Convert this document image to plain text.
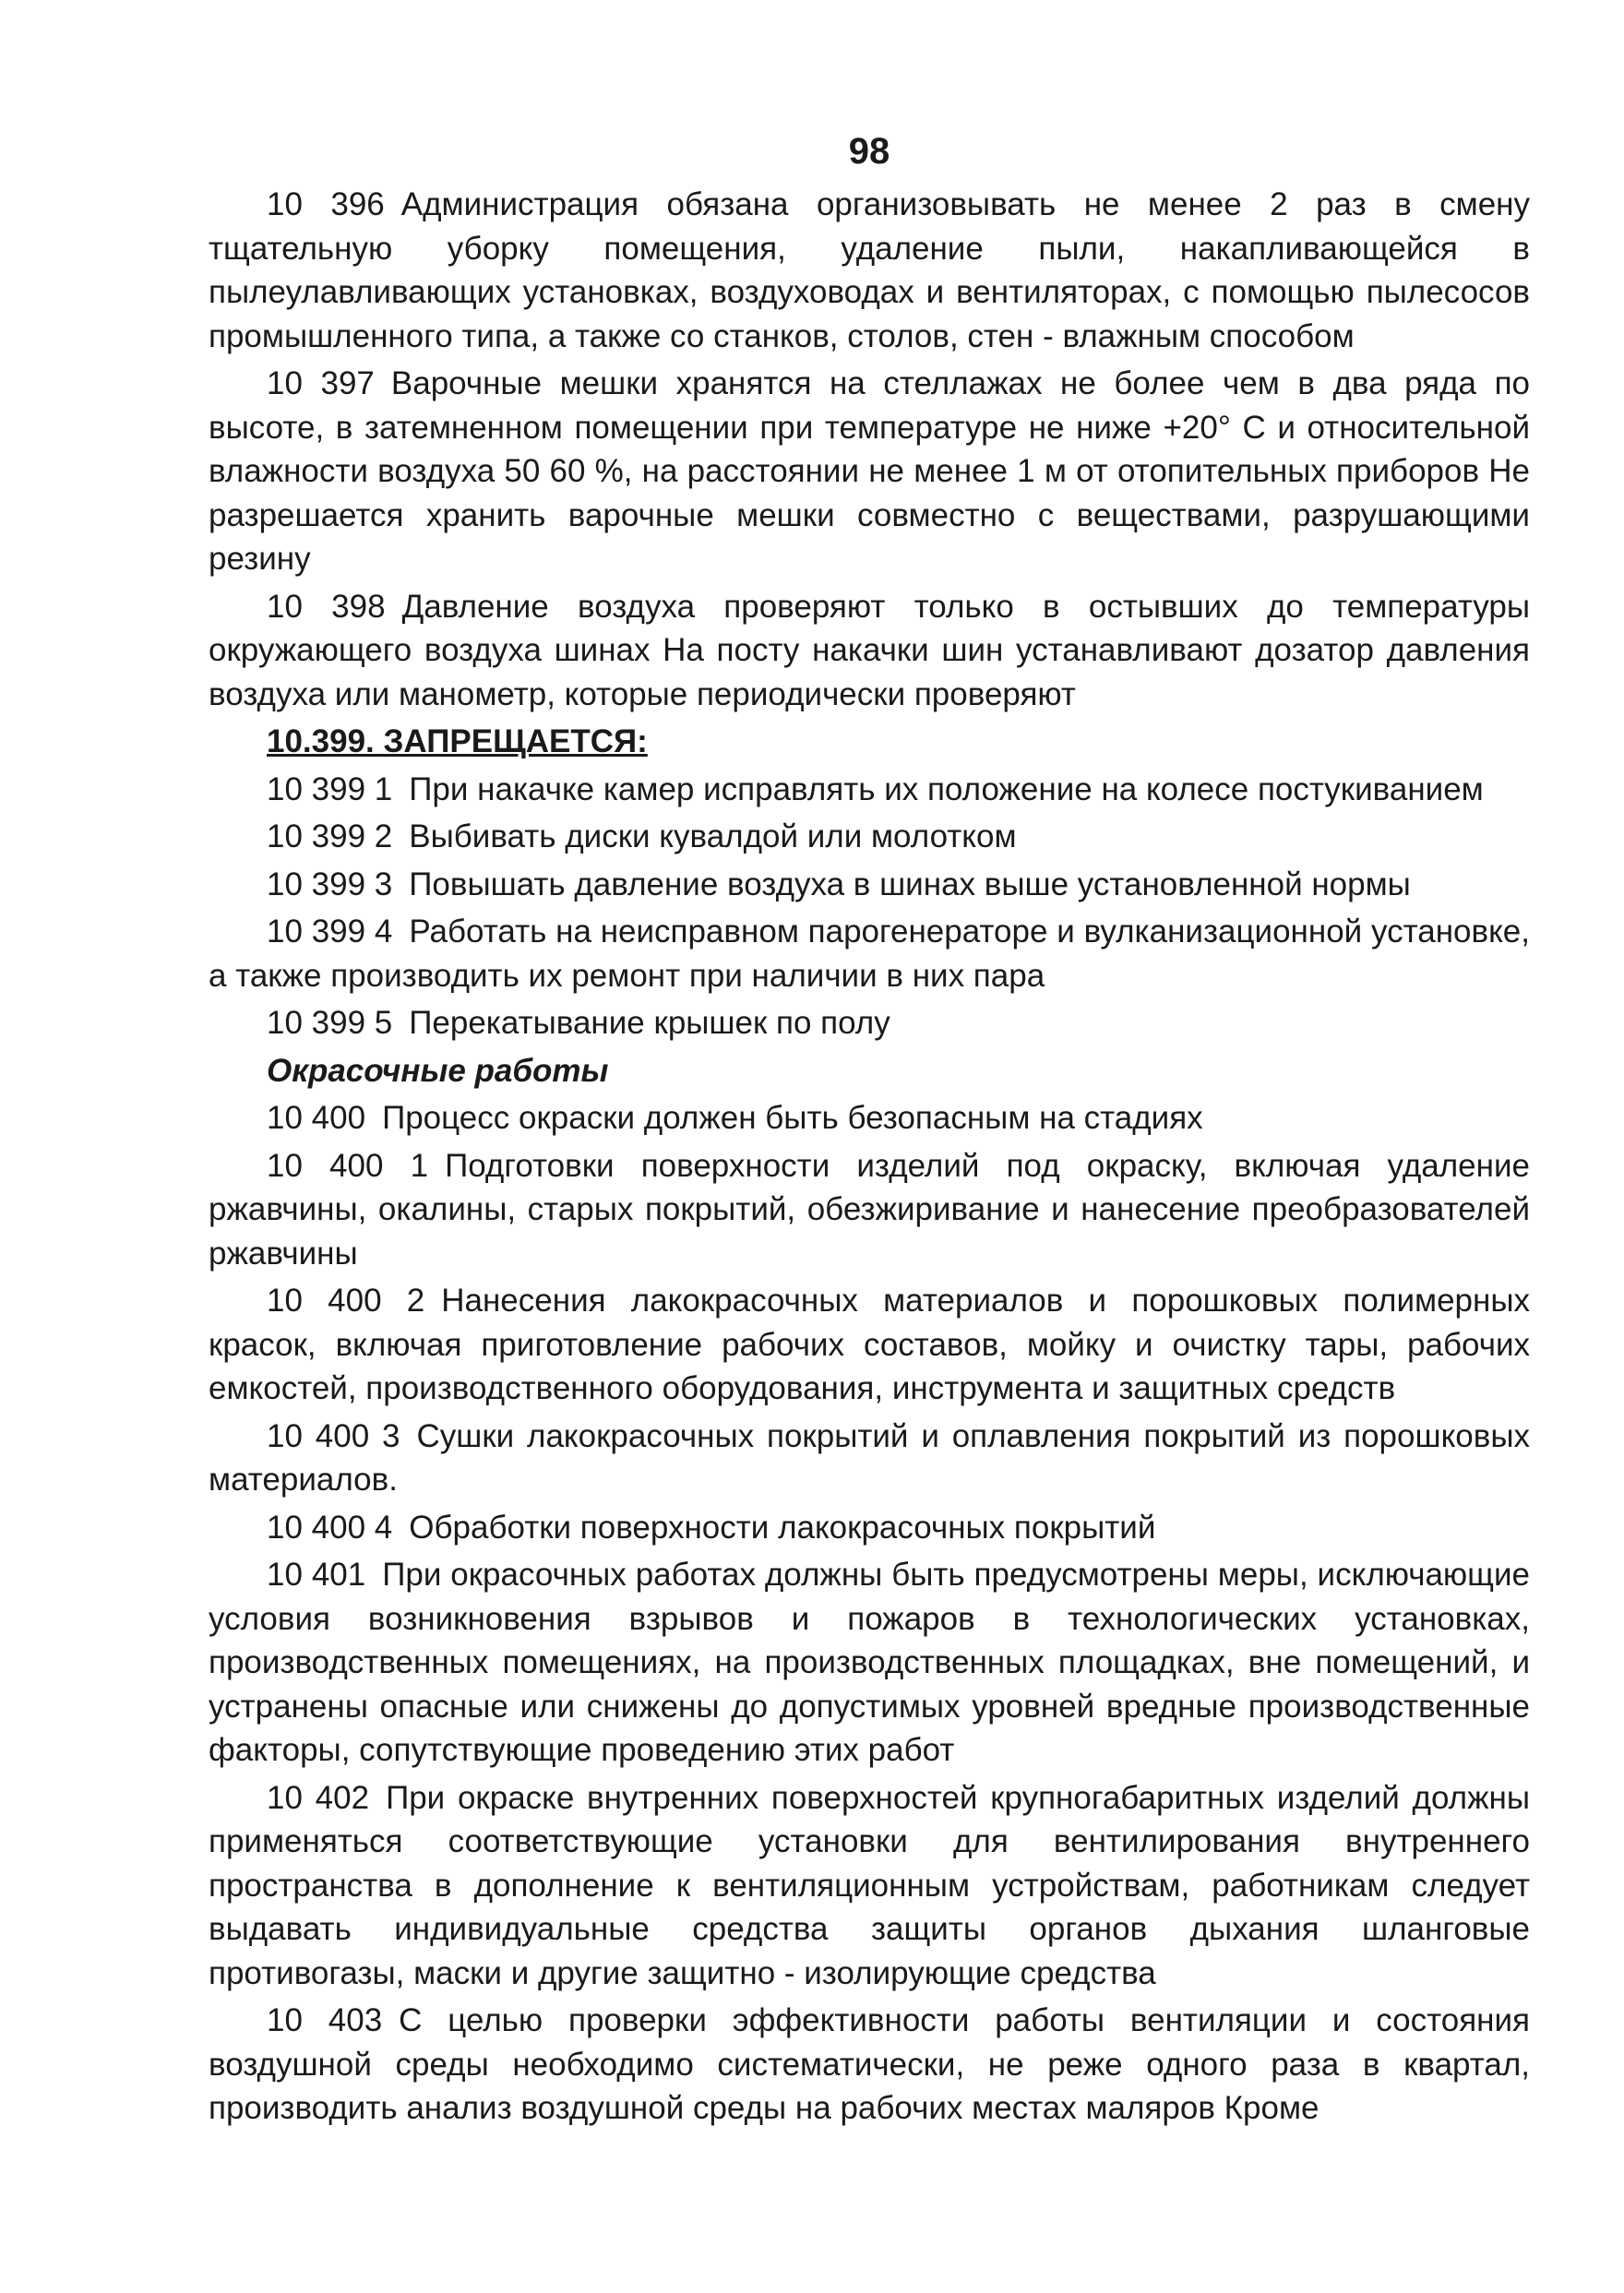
98

10 396 Администрация обязана организовывать не менее 2 раз в смену тщательную уборку помещения, удаление пыли, накапливающейся в пылеулавливающих установках, воздуховодах и вентиляторах, с помощью пылесосов промышленного типа, а также со станков, столов, стен - влажным способом

10 397 Варочные мешки хранятся на стеллажах не более чем в два ряда по высоте, в затемненном помещении при температуре не ниже +20° С и относительной влажности воздуха 50 60 %, на расстоянии не менее 1 м от отопительных приборов Не разрешается хранить варочные мешки совместно с веществами, разрушающими резину

10 398 Давление воздуха проверяют только в остывших до температуры окружающего воздуха шинах На посту накачки шин устанавливают дозатор давления воздуха или манометр, которые периодически проверяют

10.399. ЗАПРЕЩАЕТСЯ:

10 399 1 При накачке камер исправлять их положение на колесе постукиванием

10 399 2 Выбивать диски кувалдой или молотком

10 399 3 Повышать давление воздуха в шинах выше установленной нормы

10 399 4 Работать на неисправном парогенераторе и вулканизационной установке, а также производить их ремонт при наличии в них пара

10 399 5 Перекатывание крышек по полу

Окрасочные работы

10 400 Процесс окраски должен быть безопасным на стадиях

10 400 1 Подготовки поверхности изделий под окраску, включая удаление ржавчины, окалины, старых покрытий, обезжиривание и нанесение преобразователей ржавчины

10 400 2 Нанесения лакокрасочных материалов и порошковых полимерных красок, включая приготовление рабочих составов, мойку и очистку тары, рабочих емкостей, производственного оборудования, инструмента и защитных средств

10 400 3 Сушки лакокрасочных покрытий и оплавления покрытий из порошковых материалов.

10 400 4 Обработки поверхности лакокрасочных покрытий

10 401 При окрасочных работах должны быть предусмотрены меры, исключающие условия возникновения взрывов и пожаров в технологических установках, производственных помещениях, на производственных площадках, вне помещений, и устранены опасные или снижены до допустимых уровней вредные производственные факторы, сопутствующие проведению этих работ

10 402 При окраске внутренних поверхностей крупногабаритных изделий должны применяться соответствующие установки для вентилирования внутреннего пространства в дополнение к вентиляционным устройствам, работникам следует выдавать индивидуальные средства защиты органов дыхания шланговые противогазы, маски и другие защитно - изолирующие средства

10 403 С целью проверки эффективности работы вентиляции и состояния воздушной среды необходимо систематически, не реже одного раза в квартал, производить анализ воздушной среды на рабочих местах маляров Кроме
